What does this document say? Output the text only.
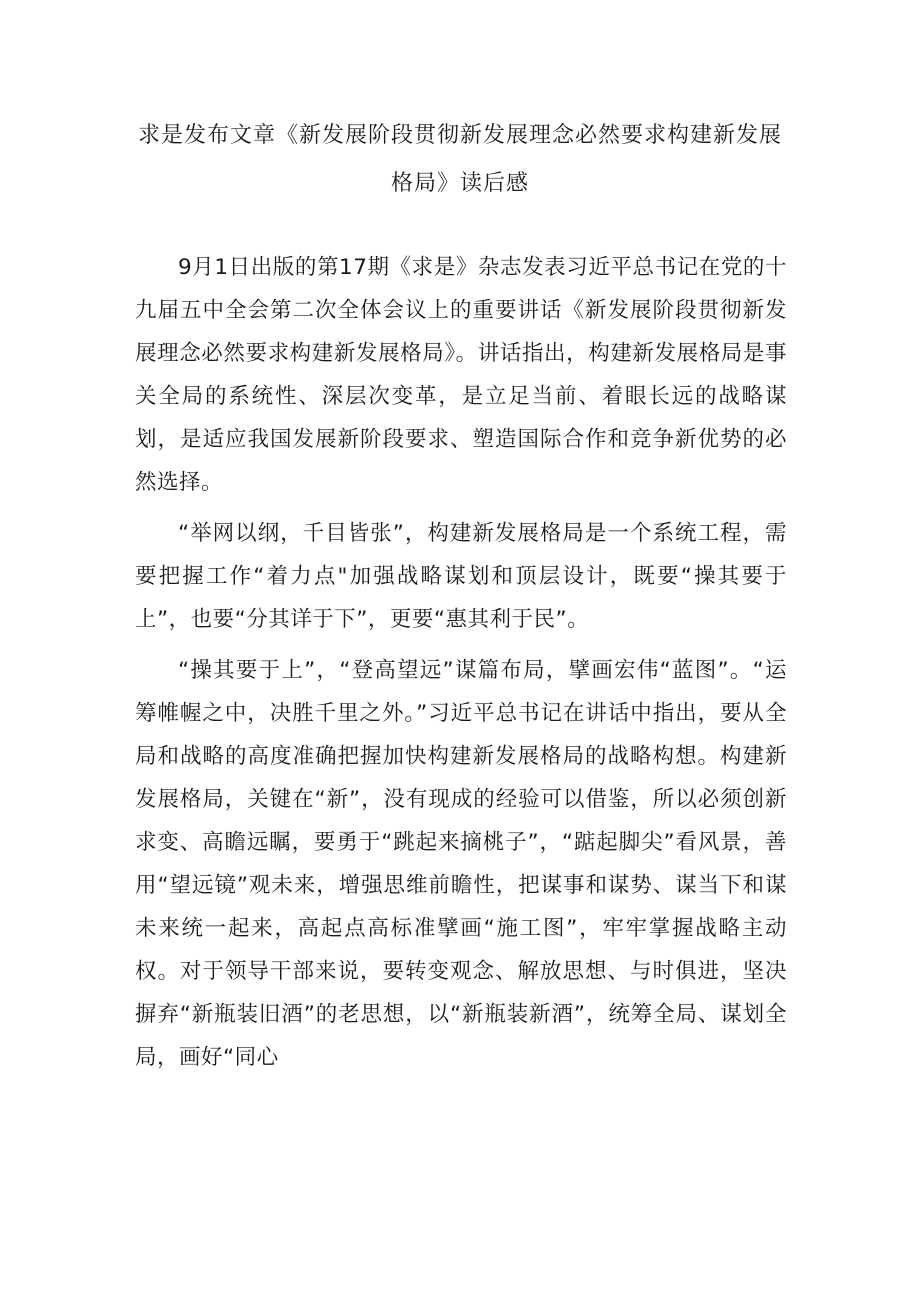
求是发布文章《新发展阶段贯彻新发展理念必然要求构建新发展格局》读后感

9月1日出版的第17期《求是》杂志发表习近平总书记在党的十九届五中全会第二次全体会议上的重要讲话《新发展阶段贯彻新发展理念必然要求构建新发展格局》。讲话指出，构建新发展格局是事关全局的系统性、深层次变革，是立足当前、着眼长远的战略谋划，是适应我国发展新阶段要求、塑造国际合作和竞争新优势的必然选择。

“举网以纲，千目皆张”，构建新发展格局是一个系统工程，需要把握工作“着力点"加强战略谋划和顶层设计，既要“操其要于上”，也要“分其详于下”，更要“惠其利于民”。

“操其要于上”，“登高望远”谋篇布局，擘画宏伟“蓝图”。“运筹帷幄之中，决胜千里之外。”习近平总书记在讲话中指出，要从全局和战略的高度准确把握加快构建新发展格局的战略构想。构建新发展格局，关键在“新”，没有现成的经验可以借鉴，所以必须创新求变、高瞻远瞩，要勇于“跳起来摘桃子”，“踮起脚尖”看风景，善用“望远镜”观未来，增强思维前瞻性，把谋事和谋势、谋当下和谋未来统一起来，高起点高标准擘画“施工图”，牢牢掌握战略主动权。对于领导干部来说，要转变观念、解放思想、与时俱进，坚决摒弃“新瓶装旧酒”的老思想，以“新瓶装新酒”，统筹全局、谋划全局，画好“同心
